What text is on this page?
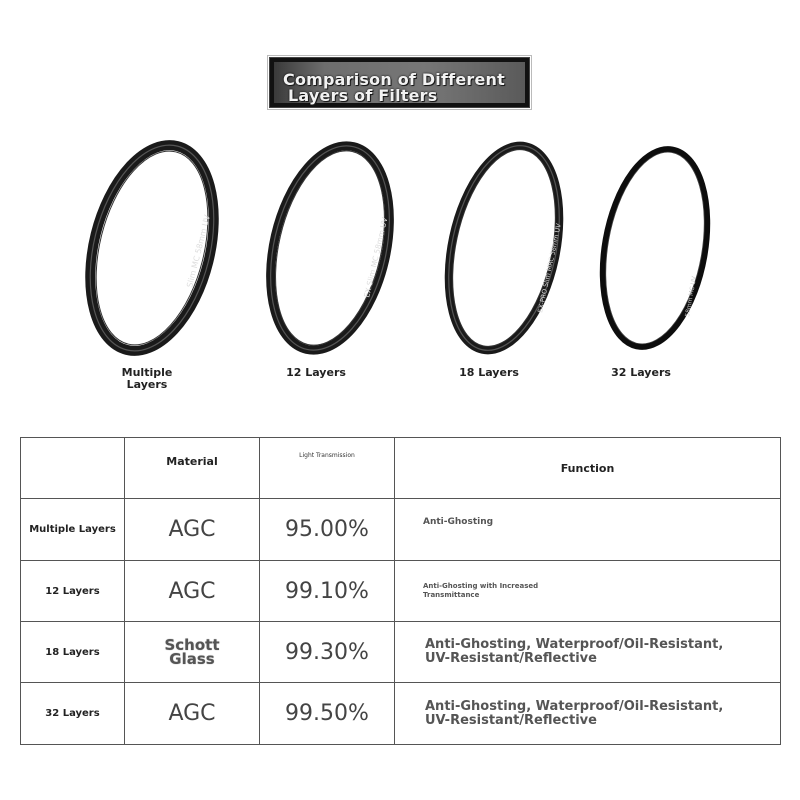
Comparison of Different
Layers of Filters
Slim MC 58mm UV
Multiple Layers
EX Slim MC 58mm UV
12 Layers
EX-PRO Slim MRC 58mm UV
18 Layers
58mm MC UV
32 Layers
	Material	Light Transmission	Function
Multiple Layers	AGC	95.00%	Anti-Ghosting
12 Layers	AGC	99.10%	Anti-Ghosting with Increased Transmittance

18 Layers	Schott Glass	99.30%	Anti-Ghosting, Waterproof/Oil-Resistant, UV-Resistant/Reflective

32 Layers	AGC	99.50%	Anti-Ghosting, Waterproof/Oil-Resistant, UV-Resistant/Reflective
